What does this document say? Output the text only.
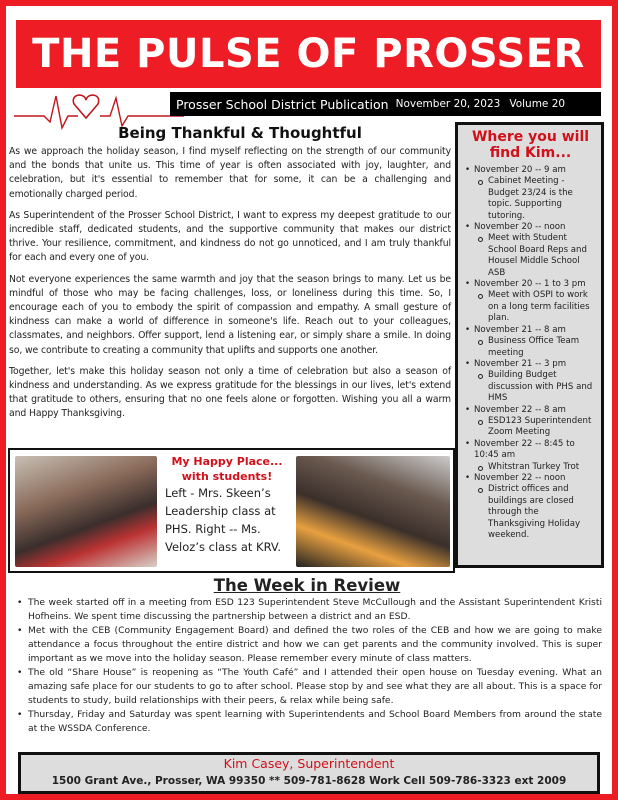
THE PULSE OF PROSSER
Prosser School District Publication November 20, 2023 Volume 20
Being Thankful & Thoughtful

As we approach the holiday season, I find myself reflecting on the strength of our community and the bonds that unite us. This time of year is often associated with joy, laughter, and celebration, but it's essential to remember that for some, it can be a challenging and emotionally charged period.

As Superintendent of the Prosser School District, I want to express my deepest gratitude to our incredible staff, dedicated students, and the supportive community that makes our district thrive. Your resilience, commitment, and kindness do not go unnoticed, and I am truly thankful for each and every one of you.

Not everyone experiences the same warmth and joy that the season brings to many. Let us be mindful of those who may be facing challenges, loss, or loneliness during this time. So, I encourage each of you to embody the spirit of compassion and empathy. A small gesture of kindness can make a world of difference in someone's life. Reach out to your colleagues, classmates, and neighbors. Offer support, lend a listening ear, or simply share a smile. In doing so, we contribute to creating a community that uplifts and supports one another.

Together, let's make this holiday season not only a time of celebration but also a season of kindness and understanding. As we express gratitude for the blessings in our lives, let's extend that gratitude to others, ensuring that no one feels alone or forgotten. Wishing you all a warm and Happy Thanksgiving.

Where you will find Kim...
• November 20 -- 9 am
Cabinet Meeting - Budget 23/24 is the topic. Supporting tutoring.
• November 20 -- noon
Meet with Student School Board Reps and Housel Middle School ASB
• November 20 -- 1 to 3 pm
Meet with OSPI to work on a long term facilities plan.
• November 21 -- 8 am
Business Office Team meeting
• November 21 -- 3 pm
Building Budget discussion with PHS and HMS
• November 22 -- 8 am
ESD123 Superintendent Zoom Meeting
• November 22 -- 8:45 to 10:45 am
Whitstran Turkey Trot
• November 22 -- noon
District offices and buildings are closed through the Thanksgiving Holiday weekend.
My Happy Place... with students!
Left - Mrs. Skeen’s Leadership class at PHS. Right -- Ms. Veloz’s class at KRV.
The Week in Review
• The week started off in a meeting from ESD 123 Superintendent Steve McCullough and the Assistant Superintendent Kristi Hofheins. We spent time discussing the partnership between a district and an ESD.
• Met with the CEB (Community Engagement Board) and defined the two roles of the CEB and how we are going to make attendance a focus throughout the entire district and how we can get parents and the community involved. This is super important as we move into the holiday season. Please remember every minute of class matters.
• The old “Share House” is reopening as “The Youth Café” and I attended their open house on Tuesday evening. What an amazing safe place for our students to go to after school. Please stop by and see what they are all about. This is a space for students to study, build relationships with their peers, & relax while being safe.
• Thursday, Friday and Saturday was spent learning with Superintendents and School Board Members from around the state at the WSSDA Conference.
Kim Casey, Superintendent
1500 Grant Ave., Prosser, WA 99350 ** 509-781-8628 Work Cell 509-786-3323 ext 2009
